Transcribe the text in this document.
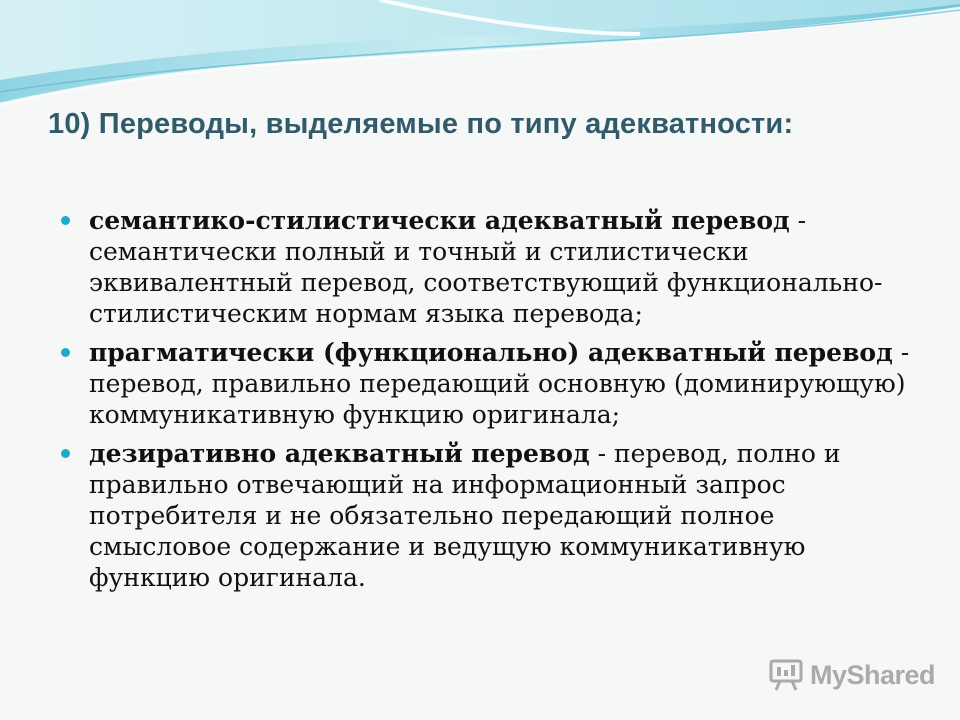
10) Переводы, выделяемые по типу адекватности:
семантико-стилистически адекватный перевод - семантически полный и точный и стилистически эквивалентный перевод, соответствующий функционально-стилистическим нормам языка перевода;
прагматически (функционально) адекватный перевод - перевод, правильно передающий основную (доминирующую) коммуникативную функцию оригинала;
дезиративно адекватный перевод - перевод, полно и правильно отвечающий на информационный запрос потребителя и не обязательно передающий полное смысловое содержание и ведущую коммуникативную функцию оригинала.
MyShared
